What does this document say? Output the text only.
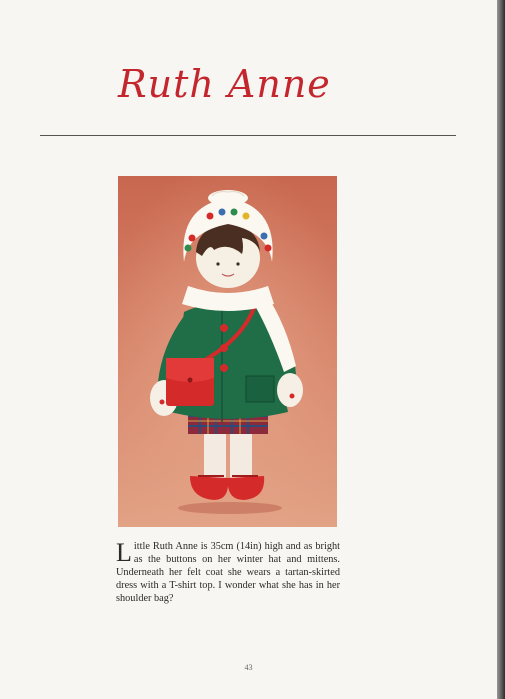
Ruth Anne

Little Ruth Anne is 35cm (14in) high and as bright as the buttons on her winter hat and mittens. Underneath her felt coat she wears a tartan-skirted dress with a T-shirt top. I wonder what she has in her shoulder bag?

43
